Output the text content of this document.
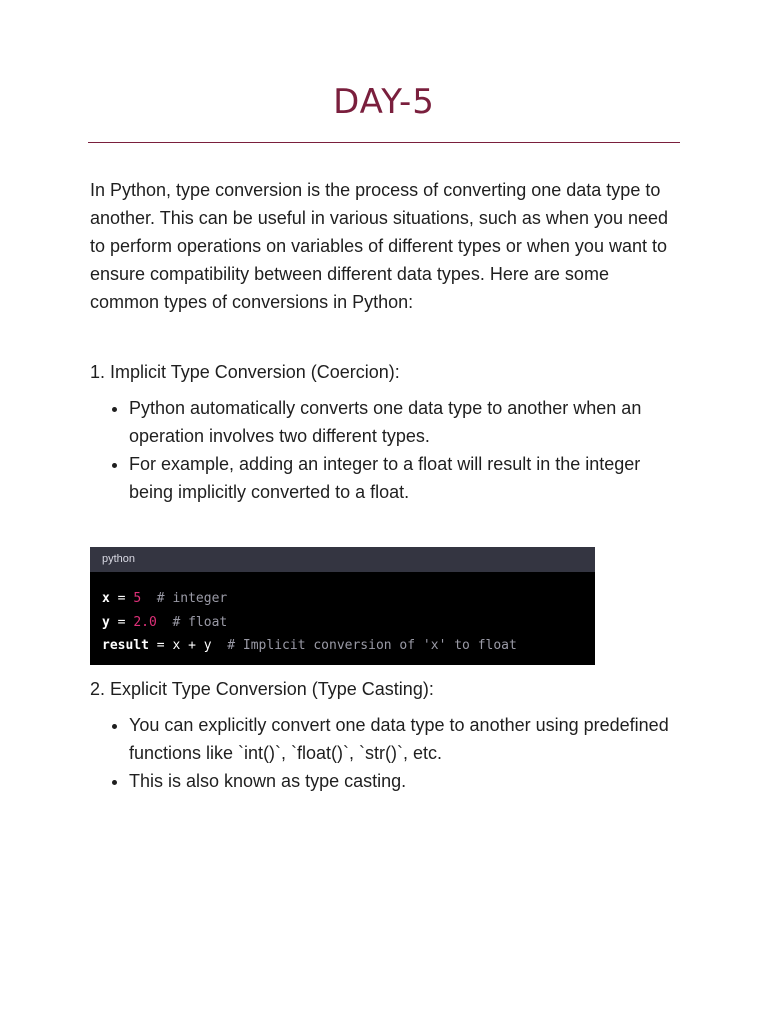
DAY-5

In Python, type conversion is the process of converting one data type to another. This can be useful in various situations, such as when you need to perform operations on variables of different types or when you want to ensure compatibility between different data types. Here are some common types of conversions in Python:

1. Implicit Type Conversion (Coercion):

• Python automatically converts one data type to another when an operation involves two different types.
• For example, adding an integer to a float will result in the integer being implicitly converted to a float.
python
x = 5 # integer
y = 2.0 # float
result = x + y # Implicit conversion of 'x' to float

2. Explicit Type Conversion (Type Casting):

• You can explicitly convert one data type to another using predefined functions like `int()`, `float()`, `str()`, etc.
• This is also known as type casting.
